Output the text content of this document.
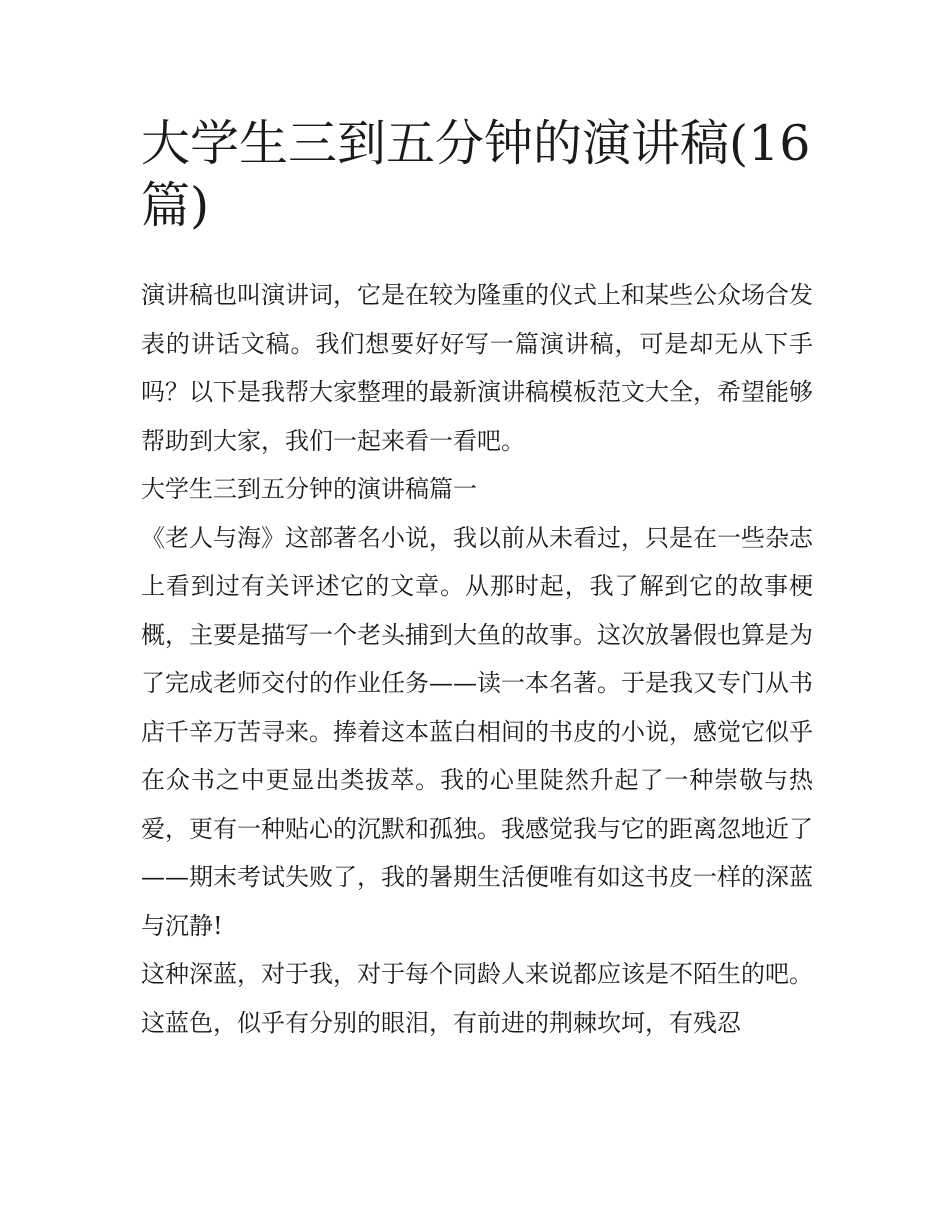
大学生三到五分钟的演讲稿(16篇)

演讲稿也叫演讲词，它是在较为隆重的仪式上和某些公众场合发表的讲话文稿。我们想要好好写一篇演讲稿，可是却无从下手吗？以下是我帮大家整理的最新演讲稿模板范文大全，希望能够帮助到大家，我们一起来看一看吧。

大学生三到五分钟的演讲稿篇一

《老人与海》这部著名小说，我以前从未看过，只是在一些杂志上看到过有关评述它的文章。从那时起，我了解到它的故事梗概，主要是描写一个老头捕到大鱼的故事。这次放暑假也算是为了完成老师交付的作业任务——读一本名著。于是我又专门从书店千辛万苦寻来。捧着这本蓝白相间的书皮的小说，感觉它似乎在众书之中更显出类拔萃。我的心里陡然升起了一种崇敬与热爱，更有一种贴心的沉默和孤独。我感觉我与它的距离忽地近了——期末考试失败了，我的暑期生活便唯有如这书皮一样的深蓝与沉静!

这种深蓝，对于我，对于每个同龄人来说都应该是不陌生的吧。这蓝色，似乎有分别的眼泪，有前进的荆棘坎坷，有残忍
